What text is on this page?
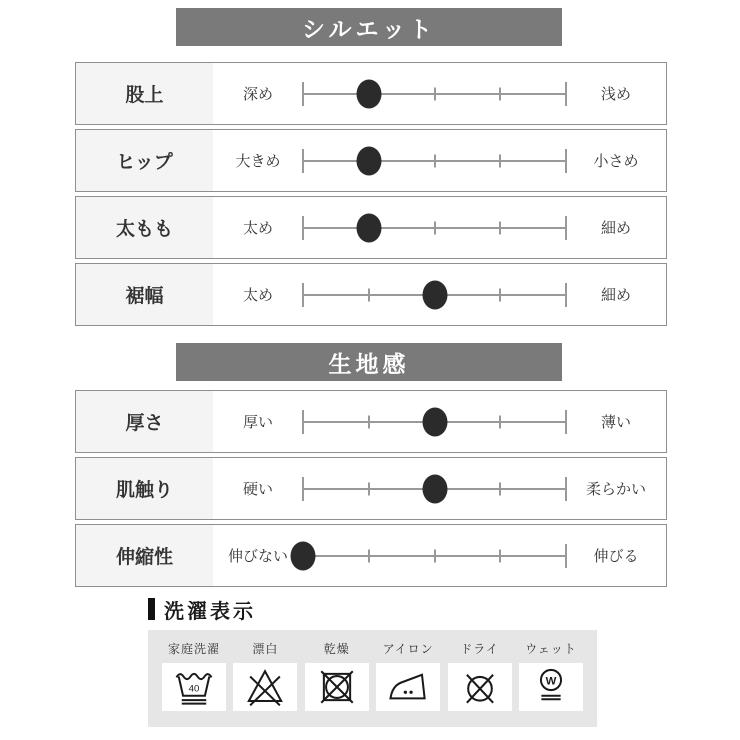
シルエット
股上	深め	浅め
ヒップ	大きめ	小さめ
太もも	太め	細め
裾幅	太め	細め
生地感
厚さ	厚い	薄い
肌触り	硬い	柔らかい
伸縮性	伸びない	伸びる
洗濯表示
家庭洗濯
40
漂白	乾燥	アイロン ドライ ウェット
W
